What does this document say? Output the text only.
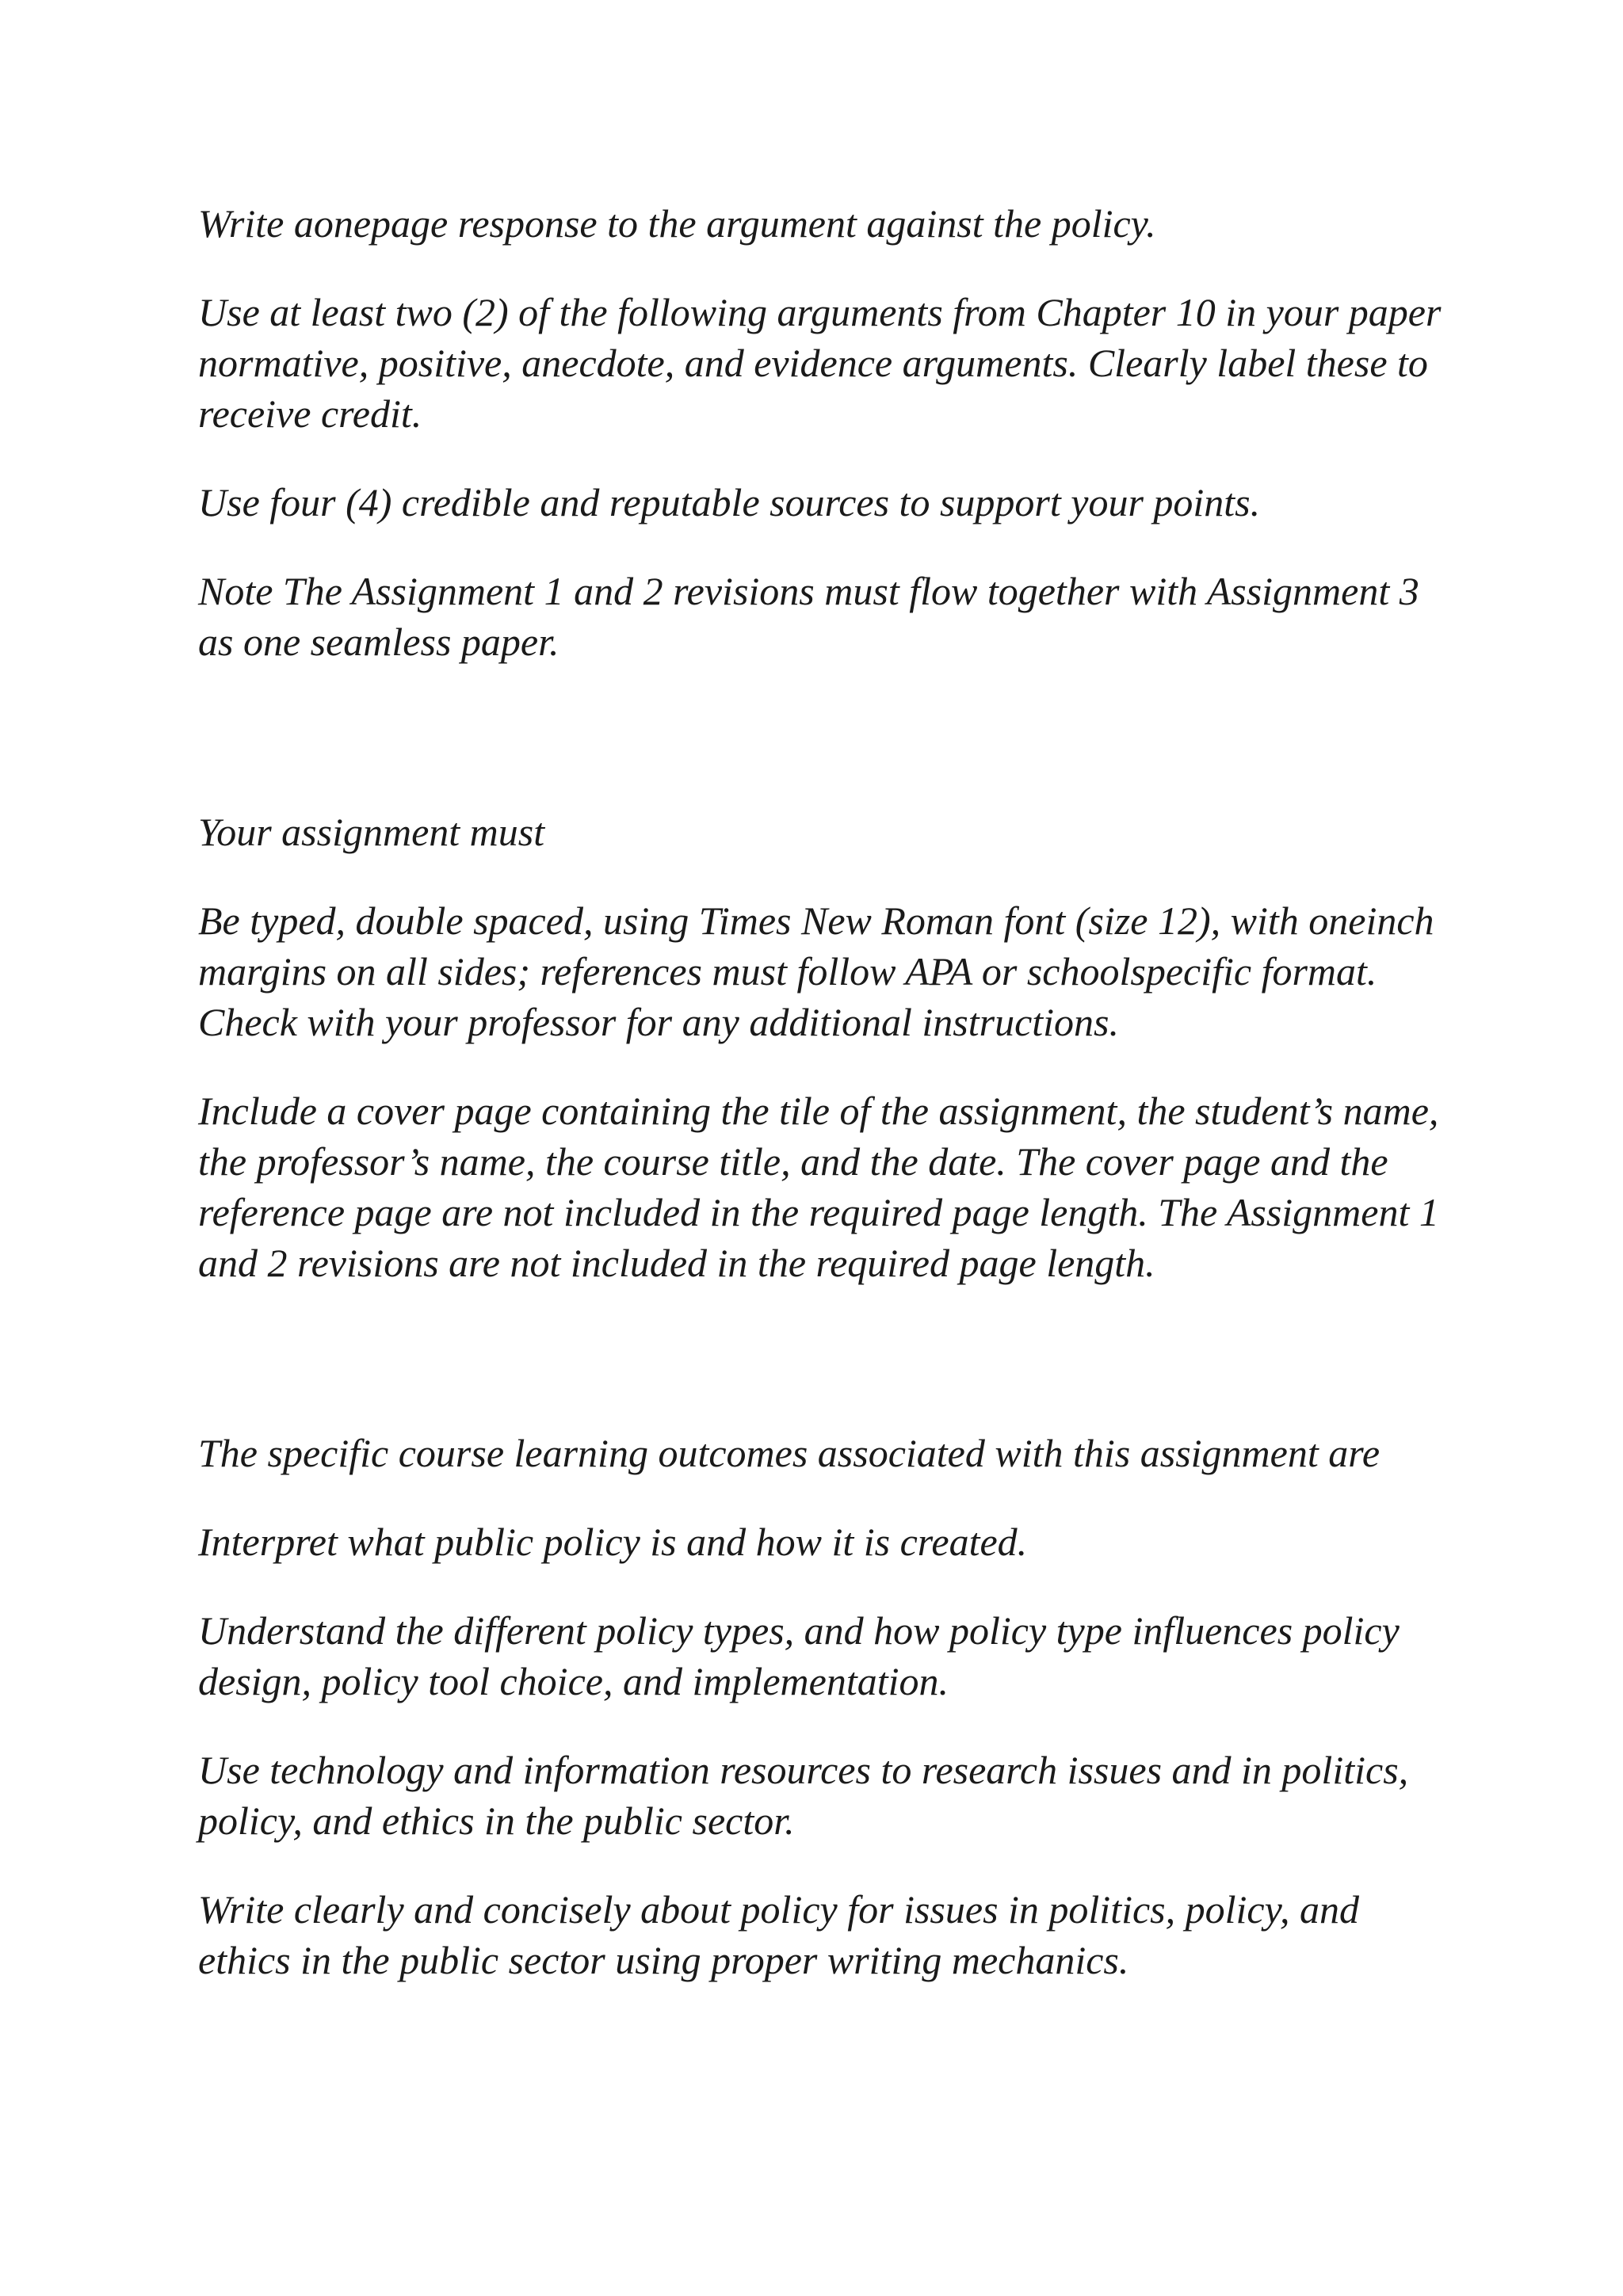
Write aonepage response to the argument against the policy.

Use at least two (2) of the following arguments from Chapter 10 in your paper normative, positive, anecdote, and evidence arguments. Clearly label these to receive credit.

Use four (4) credible and reputable sources to support your points.

Note The Assignment 1 and 2 revisions must flow together with Assignment 3 as one seamless paper.

Your assignment must

Be typed, double spaced, using Times New Roman font (size 12), with oneinch margins on all sides; references must follow APA or schoolspecific format. Check with your professor for any additional instructions.

Include a cover page containing the tile of the assignment, the student’s name, the professor’s name, the course title, and the date. The cover page and the reference page are not included in the required page length. The Assignment 1 and 2 revisions are not included in the required page length.

The specific course learning outcomes associated with this assignment are

Interpret what public policy is and how it is created.

Understand the different policy types, and how policy type influences policy design, policy tool choice, and implementation.

Use technology and information resources to research issues and in politics, policy, and ethics in the public sector.

Write clearly and concisely about policy for issues in politics, policy, and ethics in the public sector using proper writing mechanics.
